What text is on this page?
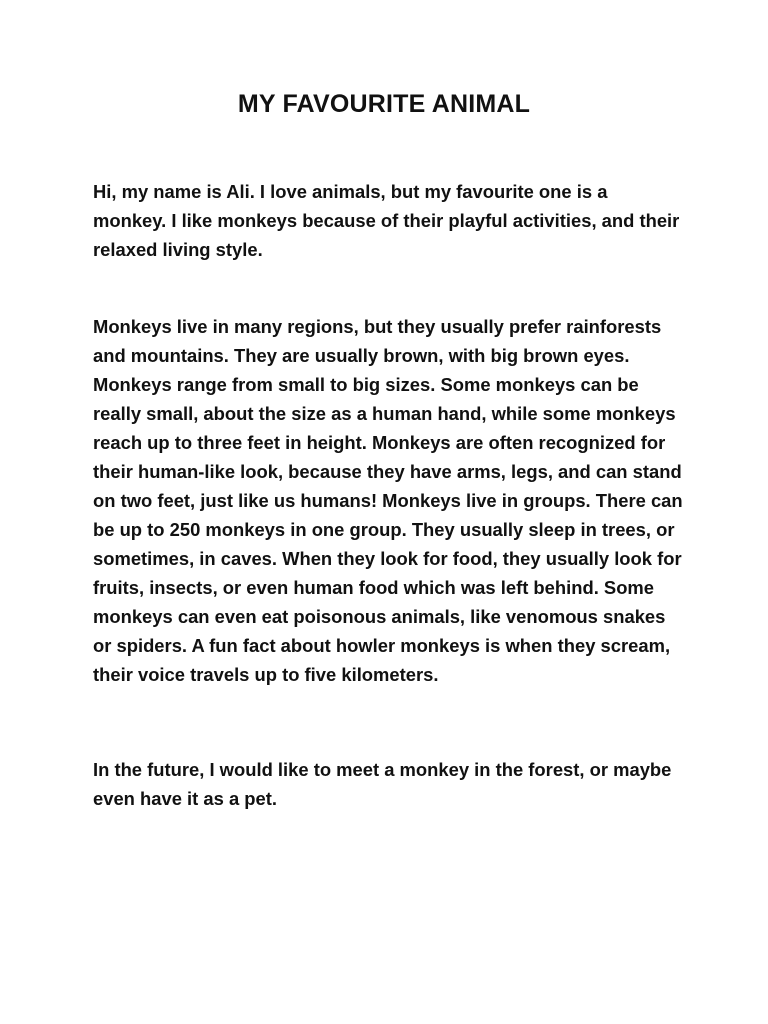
MY FAVOURITE ANIMAL

Hi, my name is Ali. I love animals, but my favourite one is a monkey. I like monkeys because of their playful activities, and their relaxed living style.

Monkeys live in many regions, but they usually prefer rainforests and mountains. They are usually brown, with big brown eyes. Monkeys range from small to big sizes. Some monkeys can be really small, about the size as a human hand, while some monkeys reach up to three feet in height. Monkeys are often recognized for their human-like look, because they have arms, legs, and can stand on two feet, just like us humans! Monkeys live in groups. There can be up to 250 monkeys in one group. They usually sleep in trees, or sometimes, in caves. When they look for food, they usually look for fruits, insects, or even human food which was left behind. Some monkeys can even eat poisonous animals, like venomous snakes or spiders. A fun fact about howler monkeys is when they scream, their voice travels up to five kilometers.

In the future, I would like to meet a monkey in the forest, or maybe even have it as a pet.
